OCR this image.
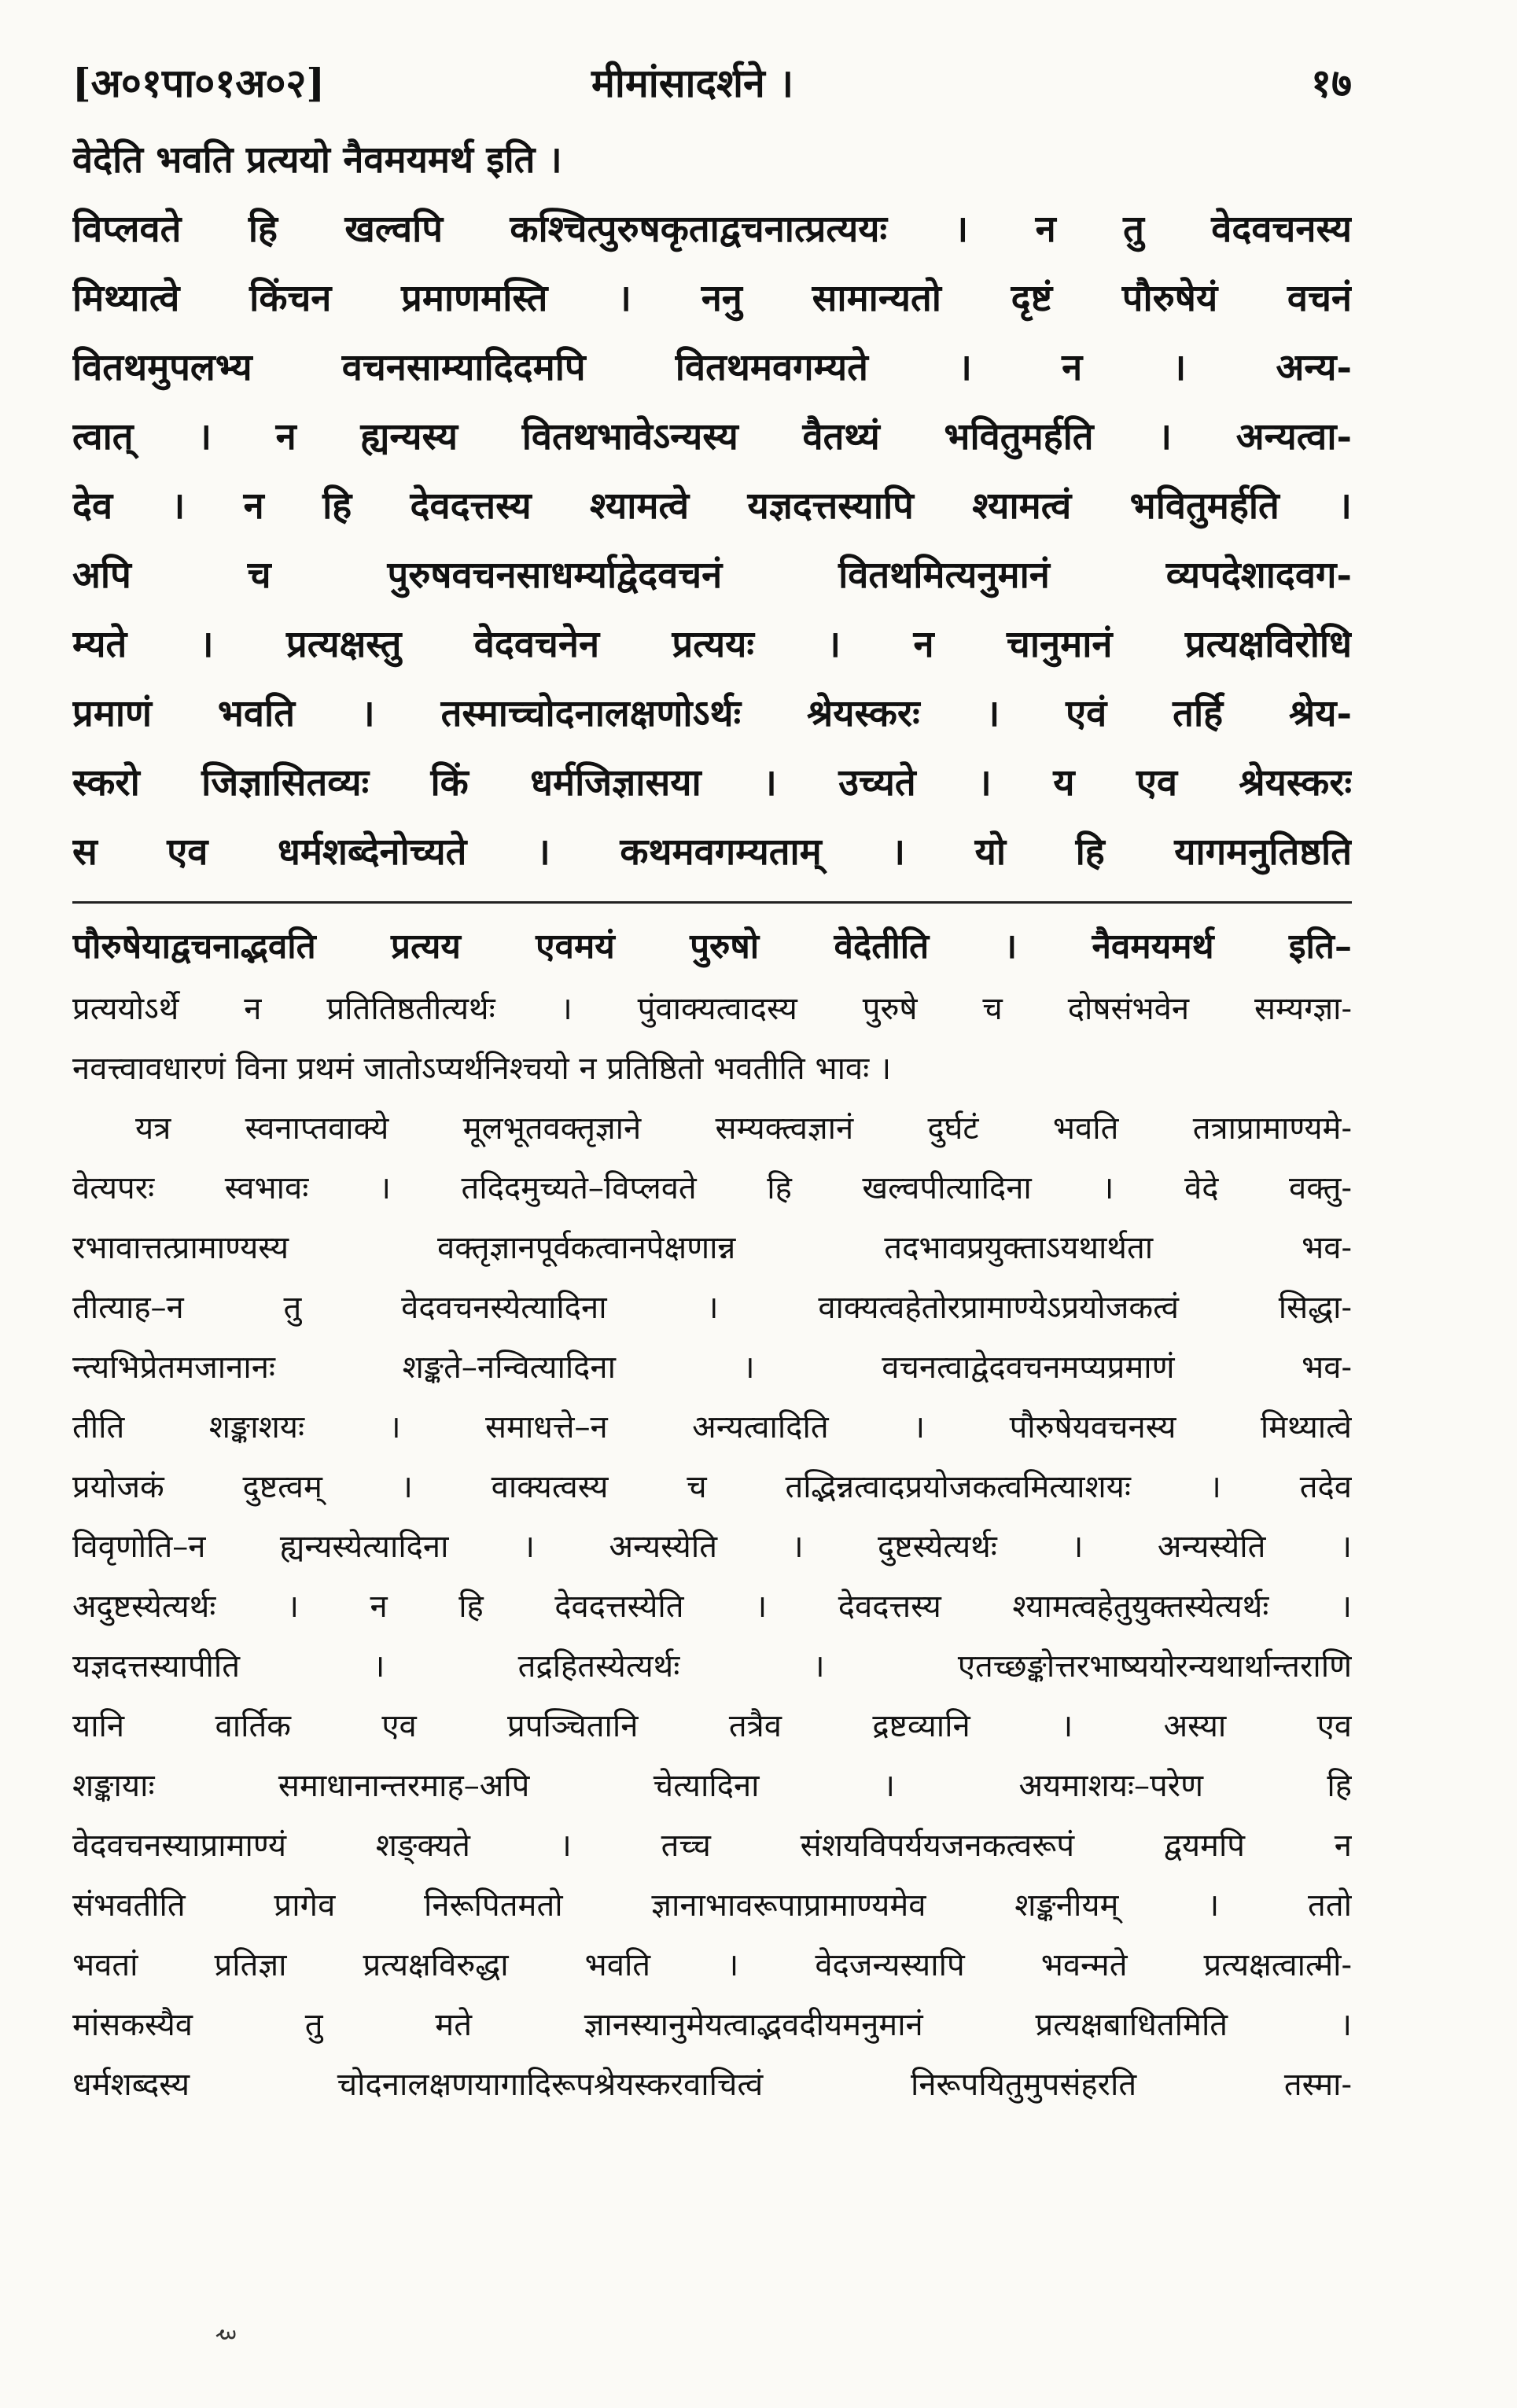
[अ०१पा०१अ०२]	मीमांसादर्शने ।	१७
वेदेति भवति प्रत्ययो नैवमयमर्थ इति ।
विप्लवते हि खल्वपि कश्चित्पुरुषकृताद्वचनात्प्रत्ययः । न तु वेदवचनस्य
मिथ्यात्वे किंचन प्रमाणमस्ति । ननु सामान्यतो दृष्टं पौरुषेयं वचनं
वितथमुपलभ्य वचनसाम्यादिदमपि वितथमवगम्यते । न । अन्य-
त्वात् । न ह्यन्यस्य वितथभावेऽन्यस्य वैतथ्यं भवितुमर्हति । अन्यत्वा-
देव । न हि देवदत्तस्य श्यामत्वे यज्ञदत्तस्यापि श्यामत्वं भवितुमर्हति ।
अपि च पुरुषवचनसाधर्म्याद्वेदवचनं वितथमित्यनुमानं व्यपदेशादवग-
म्यते । प्रत्यक्षस्तु वेदवचनेन प्रत्ययः । न चानुमानं प्रत्यक्षविरोधि
प्रमाणं भवति । तस्माच्चोदनालक्षणोऽर्थः श्रेयस्करः । एवं तर्हि श्रेय-
स्करो जिज्ञासितव्यः किं धर्मजिज्ञासया । उच्यते । य एव श्रेयस्करः
स एव धर्मशब्देनोच्यते । कथमवगम्यताम् । यो हि यागमनुतिष्ठति
पौरुषेयाद्वचनाद्भवति प्रत्यय एवमयं पुरुषो वेदेतीति । नैवमयमर्थ इति–
प्रत्ययोऽर्थे न प्रतितिष्ठतीत्यर्थः । पुंवाक्यत्वादस्य पुरुषे च दोषसंभवेन सम्यग्ज्ञा-
नवत्त्वावधारणं विना प्रथमं जातोऽप्यर्थनिश्चयो न प्रतिष्ठितो भवतीति भावः ।
यत्र स्वनाप्तवाक्ये मूलभूतवक्तृज्ञाने सम्यक्त्वज्ञानं दुर्घटं भवति तत्राप्रामाण्यमे-
वेत्यपरः स्वभावः । तदिदमुच्यते–विप्लवते हि खल्वपीत्यादिना । वेदे वक्तु-
रभावात्तत्प्रामाण्यस्य वक्तृज्ञानपूर्वकत्वानपेक्षणान्न तदभावप्रयुक्ताऽयथार्थता भव-
तीत्याह–न तु वेदवचनस्येत्यादिना । वाक्यत्वहेतोरप्रामाण्येऽप्रयोजकत्वं सिद्धा-
न्त्यभिप्रेतमजानानः शङ्कते–नन्वित्यादिना । वचनत्वाद्वेदवचनमप्यप्रमाणं भव-
तीति शङ्काशयः । समाधत्ते–न अन्यत्वादिति । पौरुषेयवचनस्य मिथ्यात्वे
प्रयोजकं दुष्टत्वम् । वाक्यत्वस्य च तद्भिन्नत्वादप्रयोजकत्वमित्याशयः । तदेव
विवृणोति–न ह्यन्यस्येत्यादिना । अन्यस्येति । दुष्टस्येत्यर्थः । अन्यस्येति ।
अदुष्टस्येत्यर्थः । न हि देवदत्तस्येति । देवदत्तस्य श्यामत्वहेतुयुक्तस्येत्यर्थः ।
यज्ञदत्तस्यापीति । तद्रहितस्येत्यर्थः । एतच्छङ्कोत्तरभाष्ययोरन्यथार्थान्तराणि
यानि वार्तिक एव प्रपञ्चितानि तत्रैव द्रष्टव्यानि । अस्या एव
शङ्कायाः समाधानान्तरमाह–अपि चेत्यादिना । अयमाशयः–परेण हि
वेदवचनस्याप्रामाण्यं शङ्क्यते । तच्च संशयविपर्ययजनकत्वरूपं द्वयमपि न
संभवतीति प्रागेव निरूपितमतो ज्ञानाभावरूपाप्रामाण्यमेव शङ्कनीयम् । ततो
भवतां प्रतिज्ञा प्रत्यक्षविरुद्धा भवति । वेदजन्यस्यापि भवन्मते प्रत्यक्षत्वात्मी-
मांसकस्यैव तु मते ज्ञानस्यानुमेयत्वाद्भवदीयमनुमानं प्रत्यक्षबाधितमिति ।
धर्मशब्दस्य चोदनालक्षणयागादिरूपश्रेयस्करवाचित्वं निरूपयितुमुपसंहरति तस्मा-
३
